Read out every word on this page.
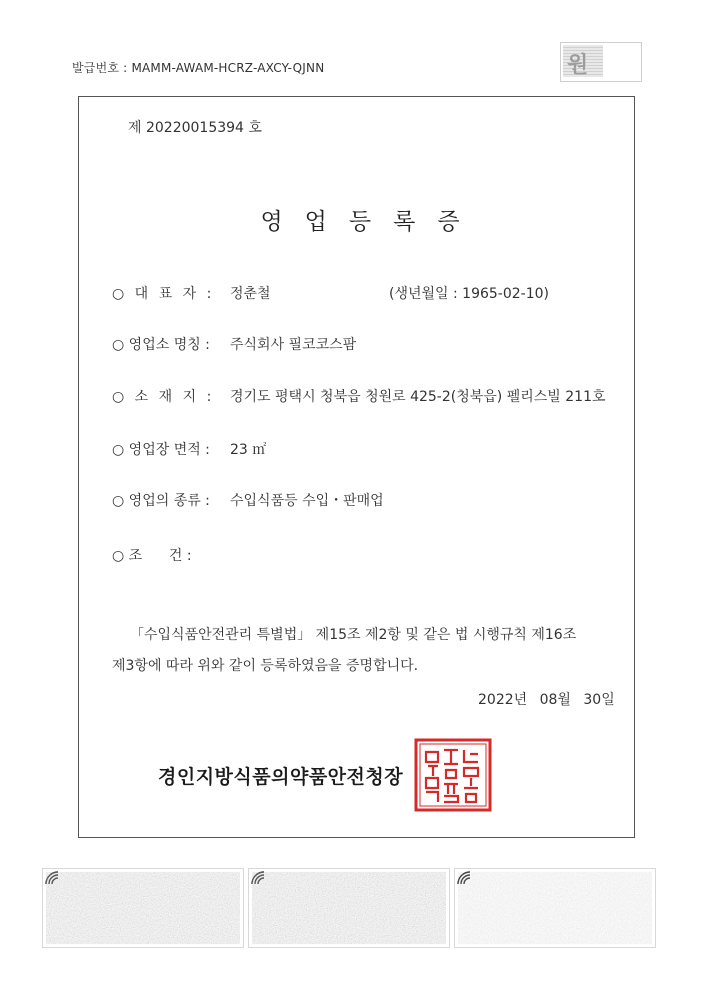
발급번호 : MAMM-AWAM-HCRZ-AXCY-QJNN	원
제 20220015394 호
영업등록증
○ 대 표 자 : 정춘철	(생년월일 : 1965-02-10)
○ 영업소 명칭 : 주식회사 필코코스팜
○ 소 재 지 :	경기도 평택시 청북읍 청원로 425-2(청북읍) 펠리스빌 211호
○ 영업장 면적 : 23 ㎡
○ 영업의 종류 : 수입식품등 수입・판매업
○ 조      건 :
「수입식품안전관리 특별법」 제15조 제2항 및 같은 법 시행규칙 제16조
제3항에 따라 위와 같이 등록하였음을 증명합니다.
2022년 08월 30일
경인지방식품의약품안전청장
